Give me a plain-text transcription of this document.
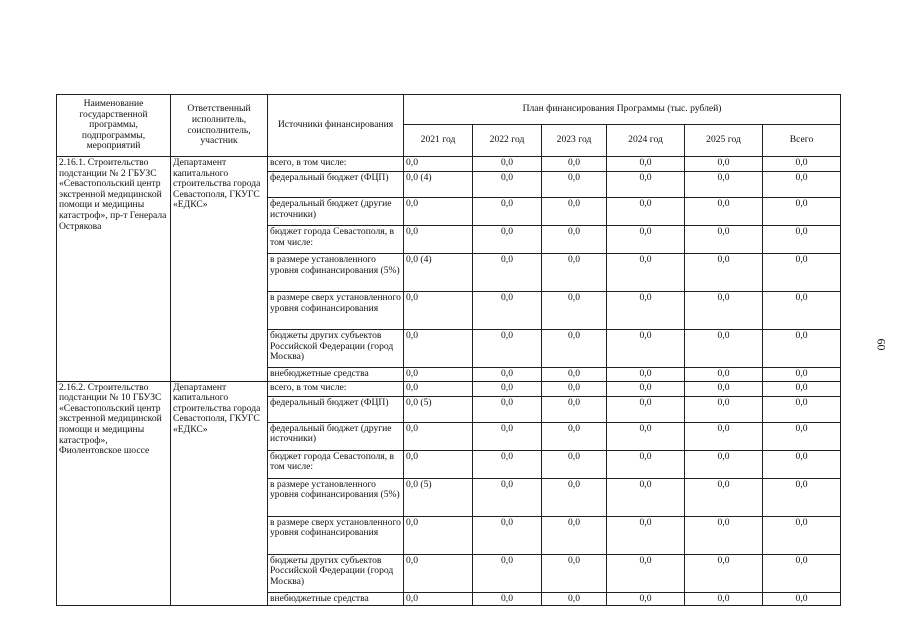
Наименование государственной программы, подпрограммы, мероприятий	Ответственный исполнитель, соисполнитель, участник	Источники финансирования	План финансирования Программы (тыс. рублей)					
			2021 год	2022 год	2023 год	2024 год	2025 год	Всего
2.16.1. Строительство подстанции № 2 ГБУЗС «Севастопольский центр экстренной медицинской помощи и медицины катастроф», пр-т Генерала Острякова	Департамент капитального строительства города Севастополя, ГКУГС «ЕДКС»	всего, в том числе:	0,0	0,0	0,0	0,0	0,0	0,0
		федеральный бюджет (ФЦП)	0,0 (4)	0,0	0,0	0,0	0,0	0,0
		федеральный бюджет (другие источники)	0,0	0,0	0,0	0,0	0,0	0,0
		бюджет города Севастополя, в том числе:	0,0	0,0	0,0	0,0	0,0	0,0
		в размере установленного уровня софинансирования (5%)	0,0 (4)	0,0	0,0	0,0	0,0	0,0
		в размере сверх установленного уровня софинансирования	0,0	0,0	0,0	0,0	0,0	0,0
		бюджеты других субъектов Российской Федерации (город Москва)	0,0	0,0	0,0	0,0	0,0	0,0
		внебюджетные средства	0,0	0,0	0,0	0,0	0,0	0,0
2.16.2. Строительство подстанции № 10 ГБУЗС «Севастопольский центр экстренной медицинской помощи и медицины катастроф», Фиолентовское шоссе	Департамент капитального строительства города Севастополя, ГКУГС «ЕДКС»	всего, в том числе:	0,0	0,0	0,0	0,0	0,0	0,0
		федеральный бюджет (ФЦП)	0,0 (5)	0,0	0,0	0,0	0,0	0,0
		федеральный бюджет (другие источники)	0,0	0,0	0,0	0,0	0,0	0,0
		бюджет города Севастополя, в том числе:	0,0	0,0	0,0	0,0	0,0	0,0
		в размере установленного уровня софинансирования (5%)	0,0 (5)	0,0	0,0	0,0	0,0	0,0
		в размере сверх установленного уровня софинансирования	0,0	0,0	0,0	0,0	0,0	0,0
		бюджеты других субъектов Российской Федерации (город Москва)	0,0	0,0	0,0	0,0	0,0	0,0
		внебюджетные средства	0,0	0,0	0,0	0,0	0,0	0,0
60
